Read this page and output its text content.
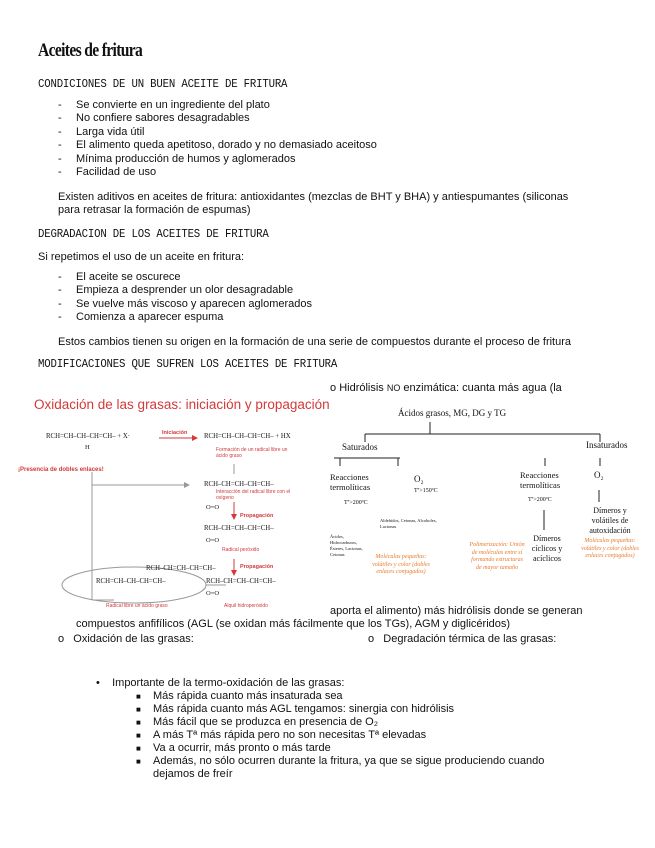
Aceites de fritura
CONDICIONES DE UN BUEN ACEITE DE FRITURA
- Se convierte en un ingrediente del plato
- No confiere sabores desagradables
- Larga vida útil
- El alimento queda apetitoso, dorado y no demasiado aceitoso
- Mínima producción de humos y aglomerados
- Facilidad de uso
Existen aditivos en aceites de fritura: antioxidantes (mezclas de BHT y BHA) y antiespumantes (siliconas
para retrasar la formación de espumas)
DEGRADACION DE LOS ACEITES DE FRITURA
Si repetimos el uso de un aceite en fritura:
- El aceite se oscurece
- Empieza a desprender un olor desagradable
- Se vuelve más viscoso y aparecen aglomerados
- Comienza a aparecer espuma
Estos cambios tienen su origen en la formación de una serie de compuestos durante el proceso de fritura
MODIFICACIONES QUE SUFREN LOS ACEITES DE FRITURA
Oxidación de las grasas: iniciación y propagación
RCH=CH–CH–CH=CH– + X·
H
Iniciación RCH=CH–CH–CH=CH– + HX
Formación de un radical libre un ácido graso
¡Presencia de dobles enlaces!
RCH–CH=CH–CH=CH–
Interacción del radical libre con el oxígeno
O=O
Propagación
RCH–CH=CH–CH=CH–
O=O
Radical peróxido
Propagación
RCH–CH=CH–CH=CH–
RCH=CH–CH–CH=CH–	RCH–CH=CH–CH=CH–
O=O
Alquil hidroperóxido
Radical libre un ácido graso
o Hidrólisis NO enzimática: cuanta más agua (la
Ácidos grasos, MG, DG y TG
Saturados	Insaturados
Reacciones termolíticas
Tª>200ºC
O₂
Tª>150ºC
Reacciones termolíticas
Tª>200ºC
O₂
Ácidos, Hidrocarburos, Ésteres, Lactonas, Cetonas
Aldehídos, Cetonas, Alcoholes, Lactonas
Dímeros cíclicos y acíclicos
Dímeros y volátiles de autoxidación
Moléculas pequeñas: volátiles y color (dobles enlaces conjugados)
Polimerización: Unión de moléculas entre sí formando estructuras de mayor tamaño
Moléculas pequeñas: volátiles y color (dobles enlaces conjugados)
aporta el alimento) más hidrólisis donde se generan
compuestos anfifílicos (AGL (se oxidan más fácilmente que los TGs), AGM y diglicéridos)
o Oxidación de las grasas:	o Degradación térmica de las grasas:
• Importante de la termo-oxidación de las grasas:
■ Más rápida cuanto más insaturada sea
■ Más rápida cuanto más AGL tengamos: sinergia con hidrólisis
■ Más fácil que se produzca en presencia de O₂
■ A más Tª más rápida pero no son necesitas Tª elevadas
■ Va a ocurrir, más pronto o más tarde
■ Además, no sólo ocurren durante la fritura, ya que se sigue produciendo cuando
dejamos de freír
